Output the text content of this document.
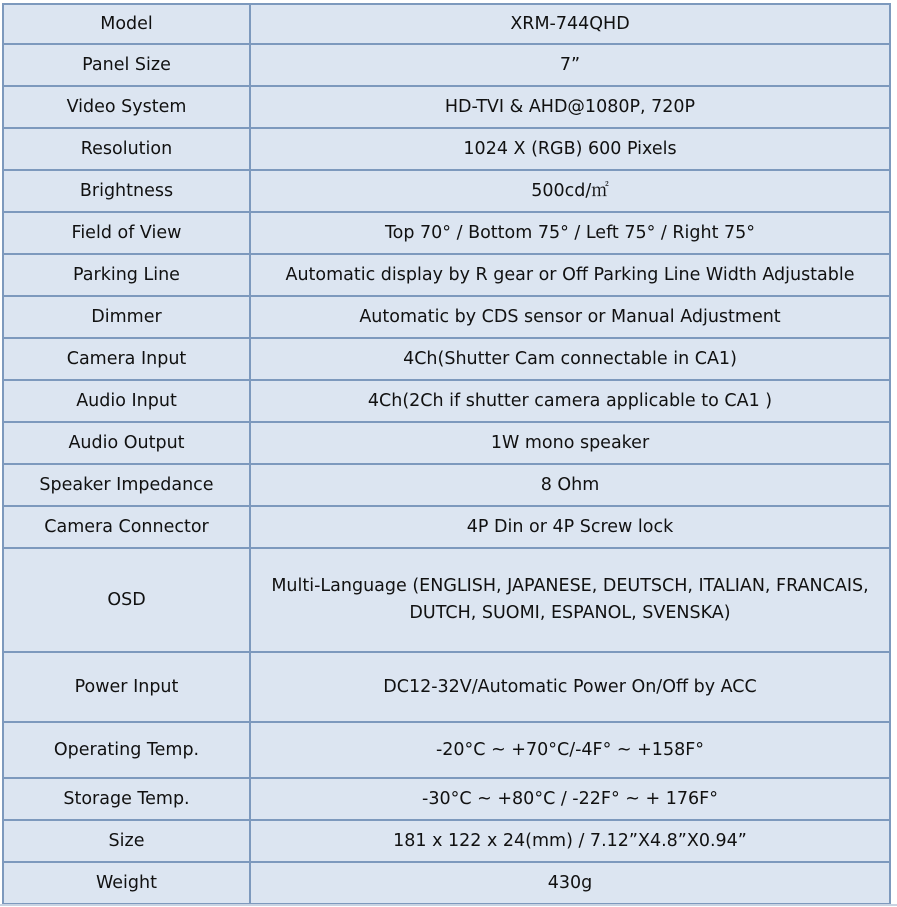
Model	XRM-744QHD
Panel Size	7”
Video System	HD-TVI & AHD@1080P, 720P
Resolution	1024 X (RGB) 600 Pixels
Brightness	500cd/㎡
Field of View	Top 70° / Bottom 75° / Left 75° / Right 75°
Parking Line	Automatic display by R gear or Off Parking Line Width Adjustable
Dimmer	Automatic by CDS sensor or Manual Adjustment
Camera Input	4Ch(Shutter Cam connectable in CA1)
Audio Input	4Ch(2Ch if shutter camera applicable to CA1 )
Audio Output	1W mono speaker
Speaker Impedance	8 Ohm
Camera Connector	4P Din or 4P Screw lock
OSD	Multi-Language (ENGLISH, JAPANESE, DEUTSCH, ITALIAN, FRANCAIS,
DUTCH, SUOMI, ESPANOL, SVENSKA)

Power Input	DC12-32V/Automatic Power On/Off by ACC
Operating Temp.	-20°C ~ +70°C/-4F° ~ +158F°
Storage Temp.	-30°C ~ +80°C / -22F° ~ + 176F°
Size	181 x 122 x 24(mm) / 7.12”X4.8”X0.94”
Weight	430g
